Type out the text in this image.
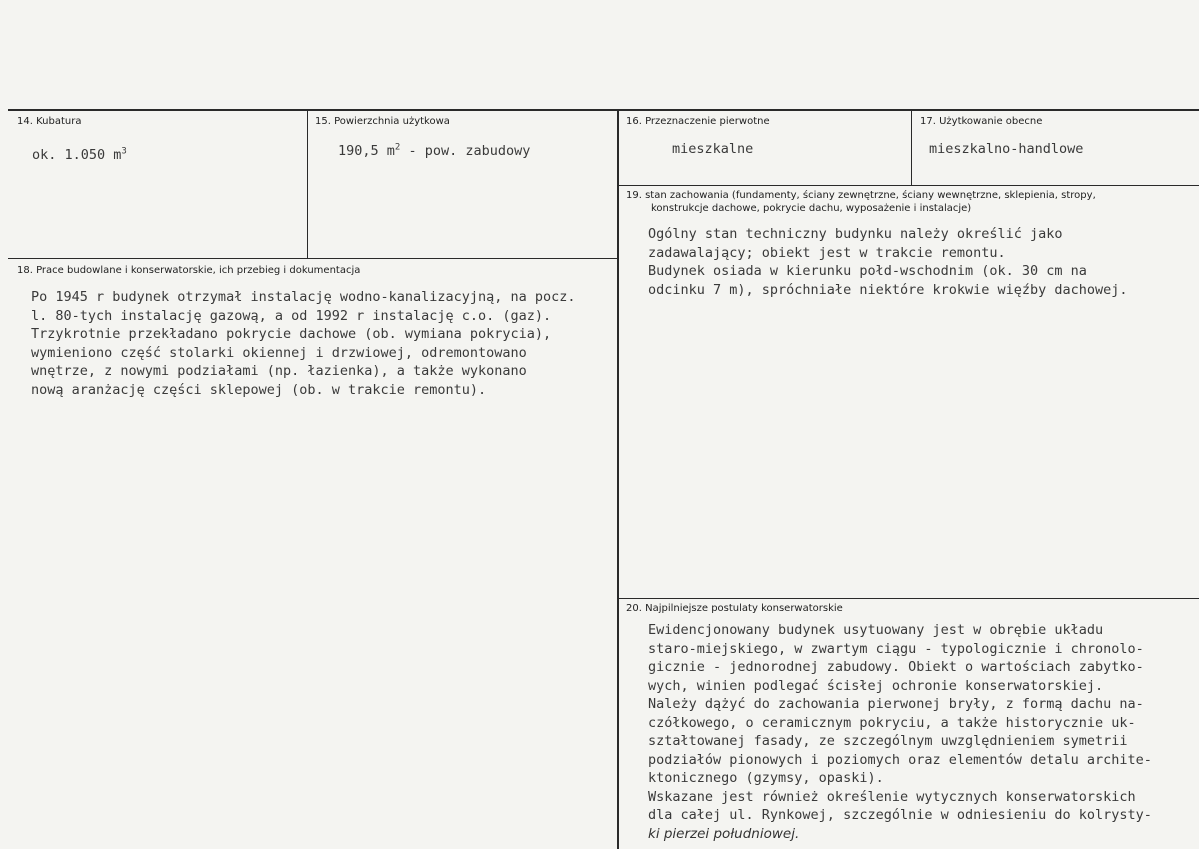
14. Kubatura
ok. 1.050 $m^3$
15. Powierzchnia użytkowa
190,5 $m^2$ - pow. zabudowy
16. Przeznaczenie pierwotne
mieszkalne
17. Użytkowanie obecne
mieszkalno-handlowe
18. Prace budowlane i konserwatorskie, ich przebieg i dokumentacja
Po 1945 r budynek otrzymał instalację wodno-kanalizacyjną, na pocz.
l. 80-tych instalację gazową, a od 1992 r instalację c.o. (gaz).
Trzykrotnie przekładano pokrycie dachowe (ob. wymiana pokrycia),
wymieniono część stolarki okiennej i drzwiowej, odremontowano
wnętrze, z nowymi podziałami (np. łazienka), a także wykonano
nową aranżację części sklepowej (ob. w trakcie remontu).
19. stan zachowania (fundamenty, ściany zewnętrzne, ściany wewnętrzne, sklepienia, stropy,
konstrukcje dachowe, pokrycie dachu, wyposażenie i instalacje)
Ogólny stan techniczny budynku należy określić jako
zadawalający; obiekt jest w trakcie remontu.
Budynek osiada w kierunku połd-wschodnim (ok. 30 cm na
odcinku 7 m), spróchniałe niektóre krokwie więźby dachowej.
20. Najpilniejsze postulaty konserwatorskie
Ewidencjonowany budynek usytuowany jest w obrębie układu
staro-miejskiego, w zwartym ciągu - typologicznie i chronolo-
gicznie - jednorodnej zabudowy. Obiekt o wartościach zabytko-
wych, winien podlegać ścisłej ochronie konserwatorskiej.
Należy dążyć do zachowania pierwonej bryły, z formą dachu na-
czółkowego, o ceramicznym pokryciu, a także historycznie uk-
ształtowanej fasady, ze szczególnym uwzględnieniem symetrii
podziałów pionowych i poziomych oraz elementów detalu archite-
ktonicznego (gzymsy, opaski).
Wskazane jest również określenie wytycznych konserwatorskich
dla całej ul. Rynkowej, szczególnie w odniesieniu do kolrysty-
ki pierzei południowej.
